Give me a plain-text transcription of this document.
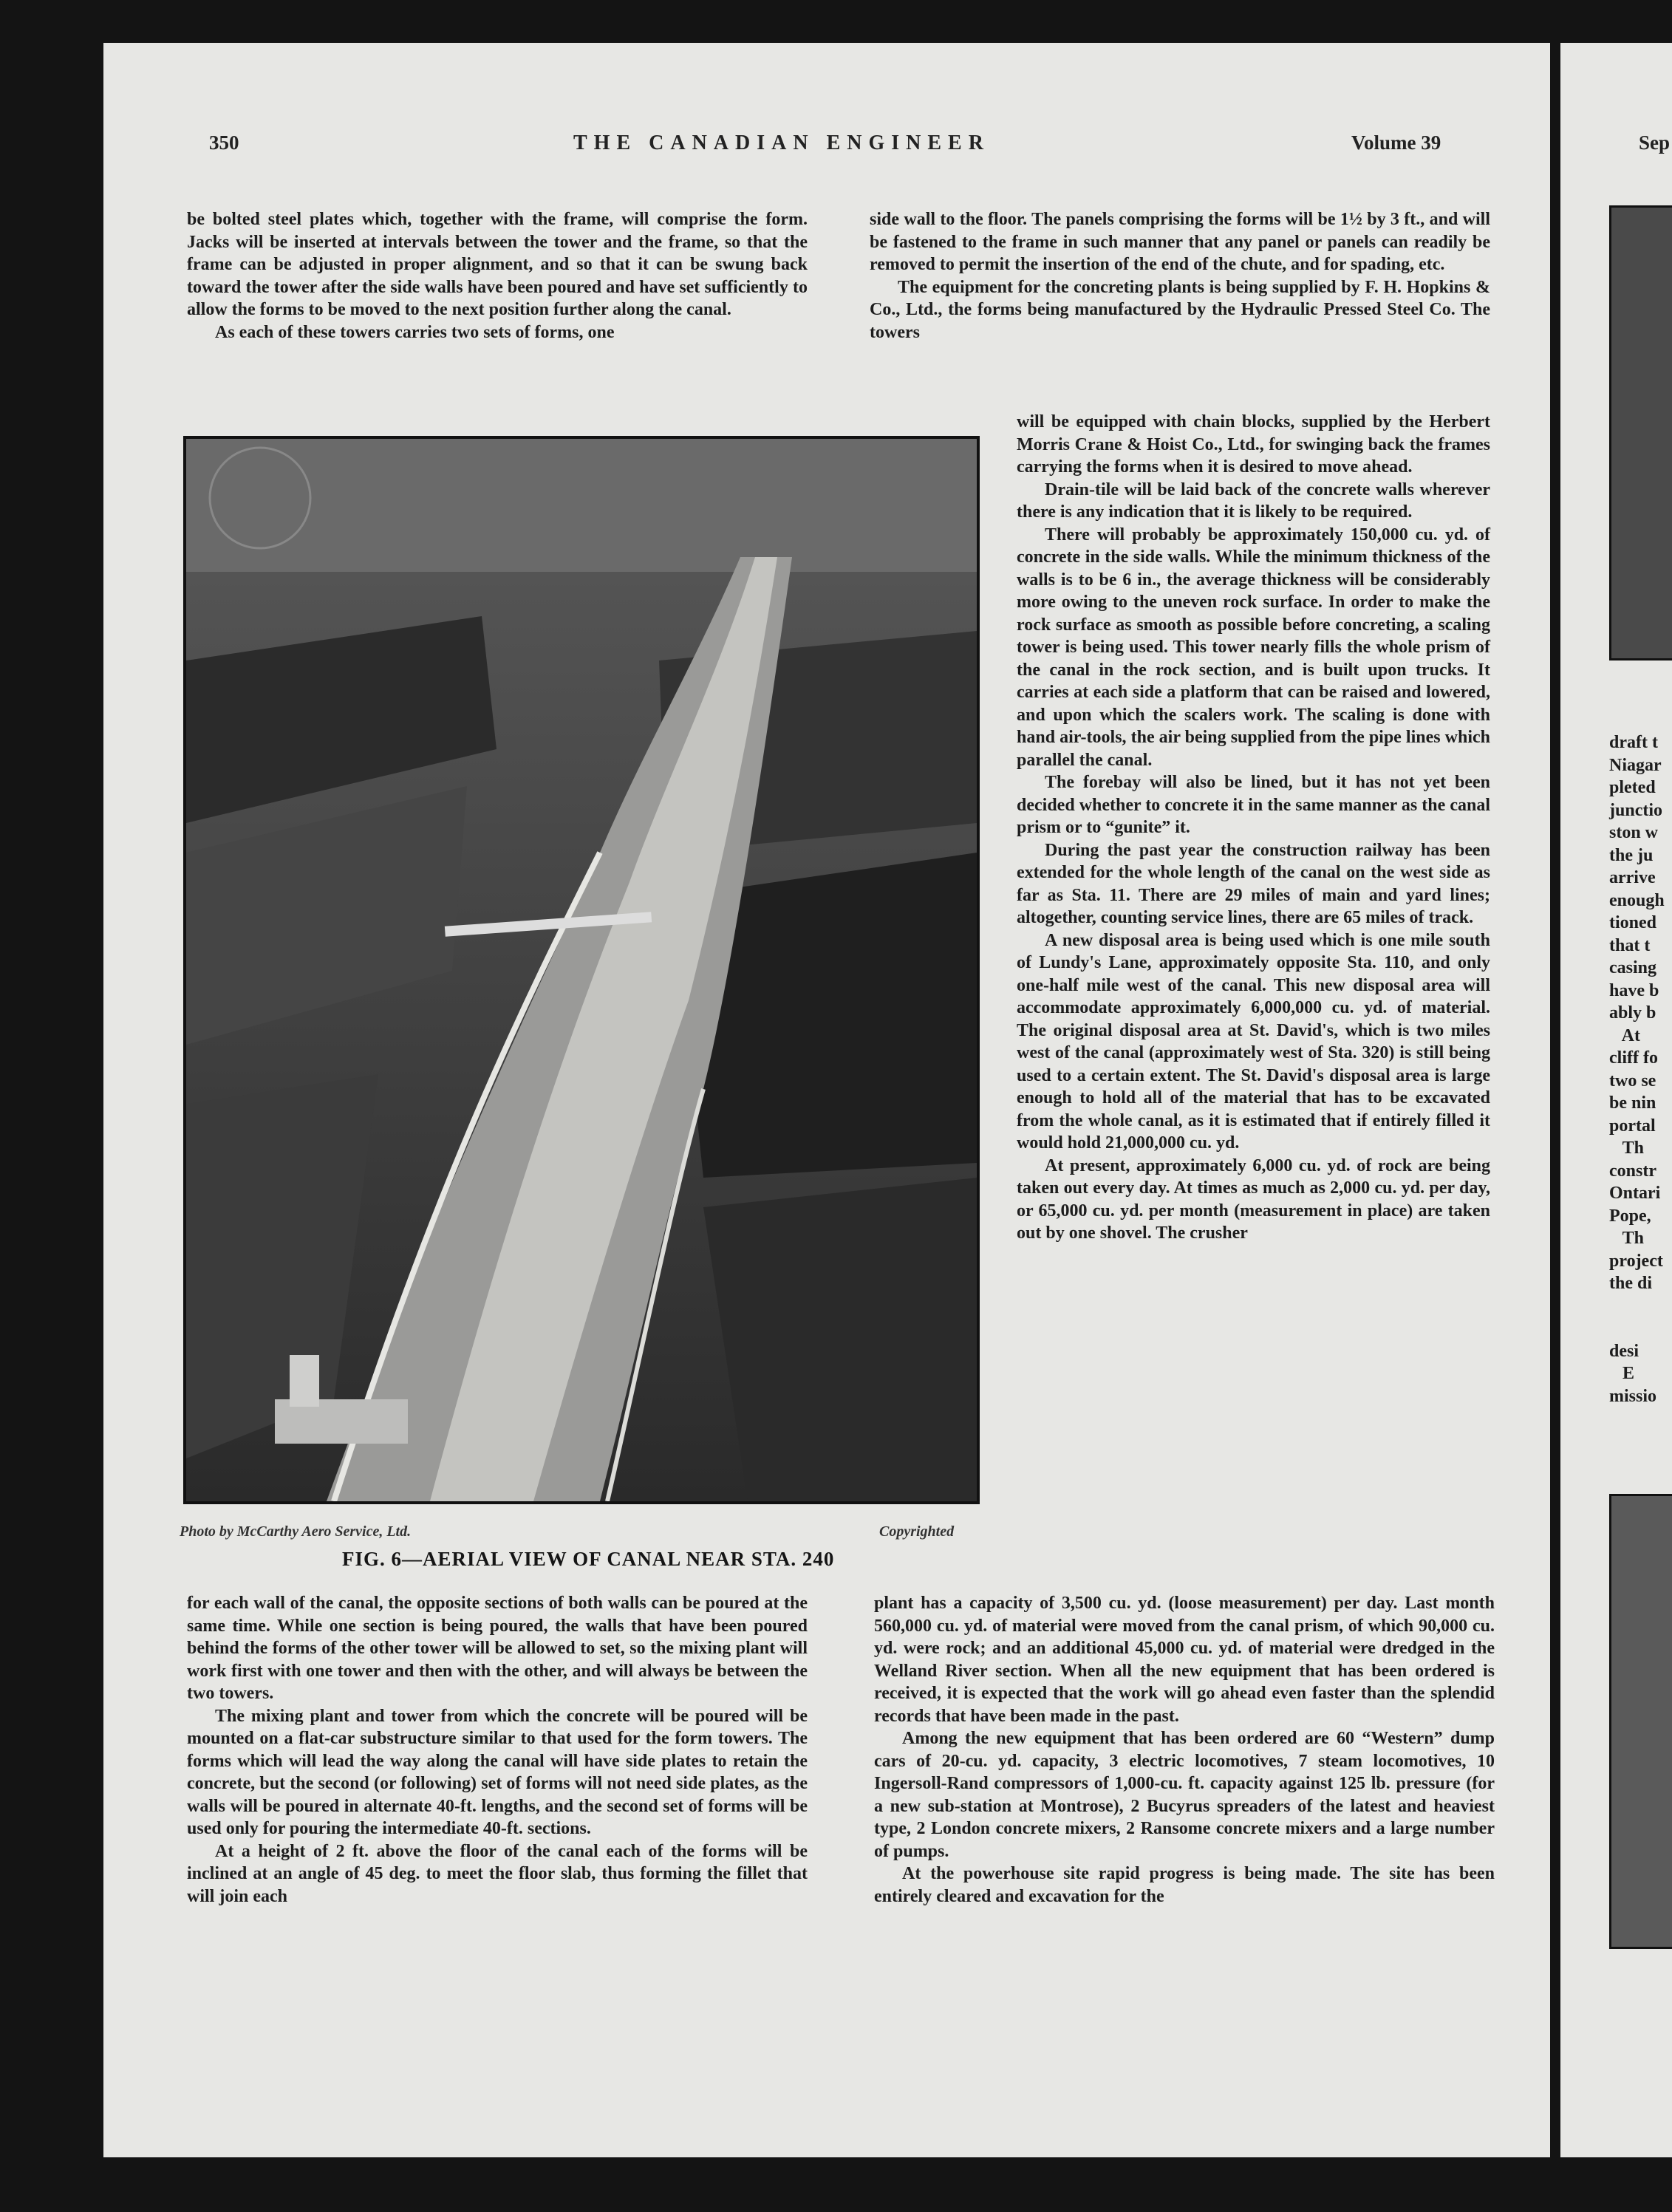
350	THE CANADIAN ENGINEER	Volume 39

be bolted steel plates which, together with the frame, will comprise the form. Jacks will be inserted at intervals between the tower and the frame, so that the frame can be adjusted in proper alignment, and so that it can be swung back toward the tower after the side walls have been poured and have set sufficiently to allow the forms to be moved to the next position further along the canal.

As each of these towers carries two sets of forms, one

side wall to the floor. The panels comprising the forms will be 1½ by 3 ft., and will be fastened to the frame in such manner that any panel or panels can readily be removed to permit the insertion of the end of the chute, and for spading, etc.

The equipment for the concreting plants is being supplied by F. H. Hopkins & Co., Ltd., the forms being manufactured by the Hydraulic Pressed Steel Co. The towers

Photo by McCarthy Aero Service, Ltd.	Copyrighted
FIG. 6—AERIAL VIEW OF CANAL NEAR STA. 240

will be equipped with chain blocks, supplied by the Herbert Morris Crane & Hoist Co., Ltd., for swinging back the frames carrying the forms when it is desired to move ahead.

Drain-tile will be laid back of the concrete walls wherever there is any indication that it is likely to be required.

There will probably be approximately 150,000 cu. yd. of concrete in the side walls. While the minimum thickness of the walls is to be 6 in., the average thickness will be considerably more owing to the uneven rock surface. In order to make the rock surface as smooth as possible before concreting, a scaling tower is being used. This tower nearly fills the whole prism of the canal in the rock section, and is built upon trucks. It carries at each side a platform that can be raised and lowered, and upon which the scalers work. The scaling is done with hand air-tools, the air being supplied from the pipe lines which parallel the canal.

The forebay will also be lined, but it has not yet been decided whether to concrete it in the same manner as the canal prism or to “gunite” it.

During the past year the construction railway has been extended for the whole length of the canal on the west side as far as Sta. 11. There are 29 miles of main and yard lines; altogether, counting service lines, there are 65 miles of track.

A new disposal area is being used which is one mile south of Lundy's Lane, approximately opposite Sta. 110, and only one-half mile west of the canal. This new disposal area will accommodate approximately 6,000,000 cu. yd. of material. The original disposal area at St. David's, which is two miles west of the canal (approximately west of Sta. 320) is still being used to a certain extent. The St. David's disposal area is large enough to hold all of the material that has to be excavated from the whole canal, as it is estimated that if entirely filled it would hold 21,000,000 cu. yd.

At present, approximately 6,000 cu. yd. of rock are being taken out every day. At times as much as 2,000 cu. yd. per day, or 65,000 cu. yd. per month (measurement in place) are taken out by one shovel. The crusher

for each wall of the canal, the opposite sections of both walls can be poured at the same time. While one section is being poured, the walls that have been poured behind the forms of the other tower will be allowed to set, so the mixing plant will work first with one tower and then with the other, and will always be between the two towers.

The mixing plant and tower from which the concrete will be poured will be mounted on a flat-car substructure similar to that used for the form towers. The forms which will lead the way along the canal will have side plates to retain the concrete, but the second (or following) set of forms will not need side plates, as the walls will be poured in alternate 40-ft. lengths, and the second set of forms will be used only for pouring the intermediate 40-ft. sections.

At a height of 2 ft. above the floor of the canal each of the forms will be inclined at an angle of 45 deg. to meet the floor slab, thus forming the fillet that will join each

plant has a capacity of 3,500 cu. yd. (loose measurement) per day. Last month 560,000 cu. yd. of material were moved from the canal prism, of which 90,000 cu. yd. were rock; and an additional 45,000 cu. yd. of material were dredged in the Welland River section. When all the new equipment that has been ordered is received, it is expected that the work will go ahead even faster than the splendid records that have been made in the past.

Among the new equipment that has been ordered are 60 “Western” dump cars of 20-cu. yd. capacity, 3 electric locomotives, 7 steam locomotives, 10 Ingersoll-Rand compressors of 1,000-cu. ft. capacity against 125 lb. pressure (for a new sub-station at Montrose), 2 Bucyrus spreaders of the latest and heaviest type, 2 London concrete mixers, 2 Ransome concrete mixers and a large number of pumps.

At the powerhouse site rapid progress is being made. The site has been entirely cleared and excavation for the

Sep
draft t
Niagar
pleted
junctio
ston w
the ju
arrive
enough
tioned
that t
casing
have b
ably b
At
cliff fo
two se
be nin
portal
Th
constr
Ontari
Pope,
Th
project
the di

desi
E
missio
